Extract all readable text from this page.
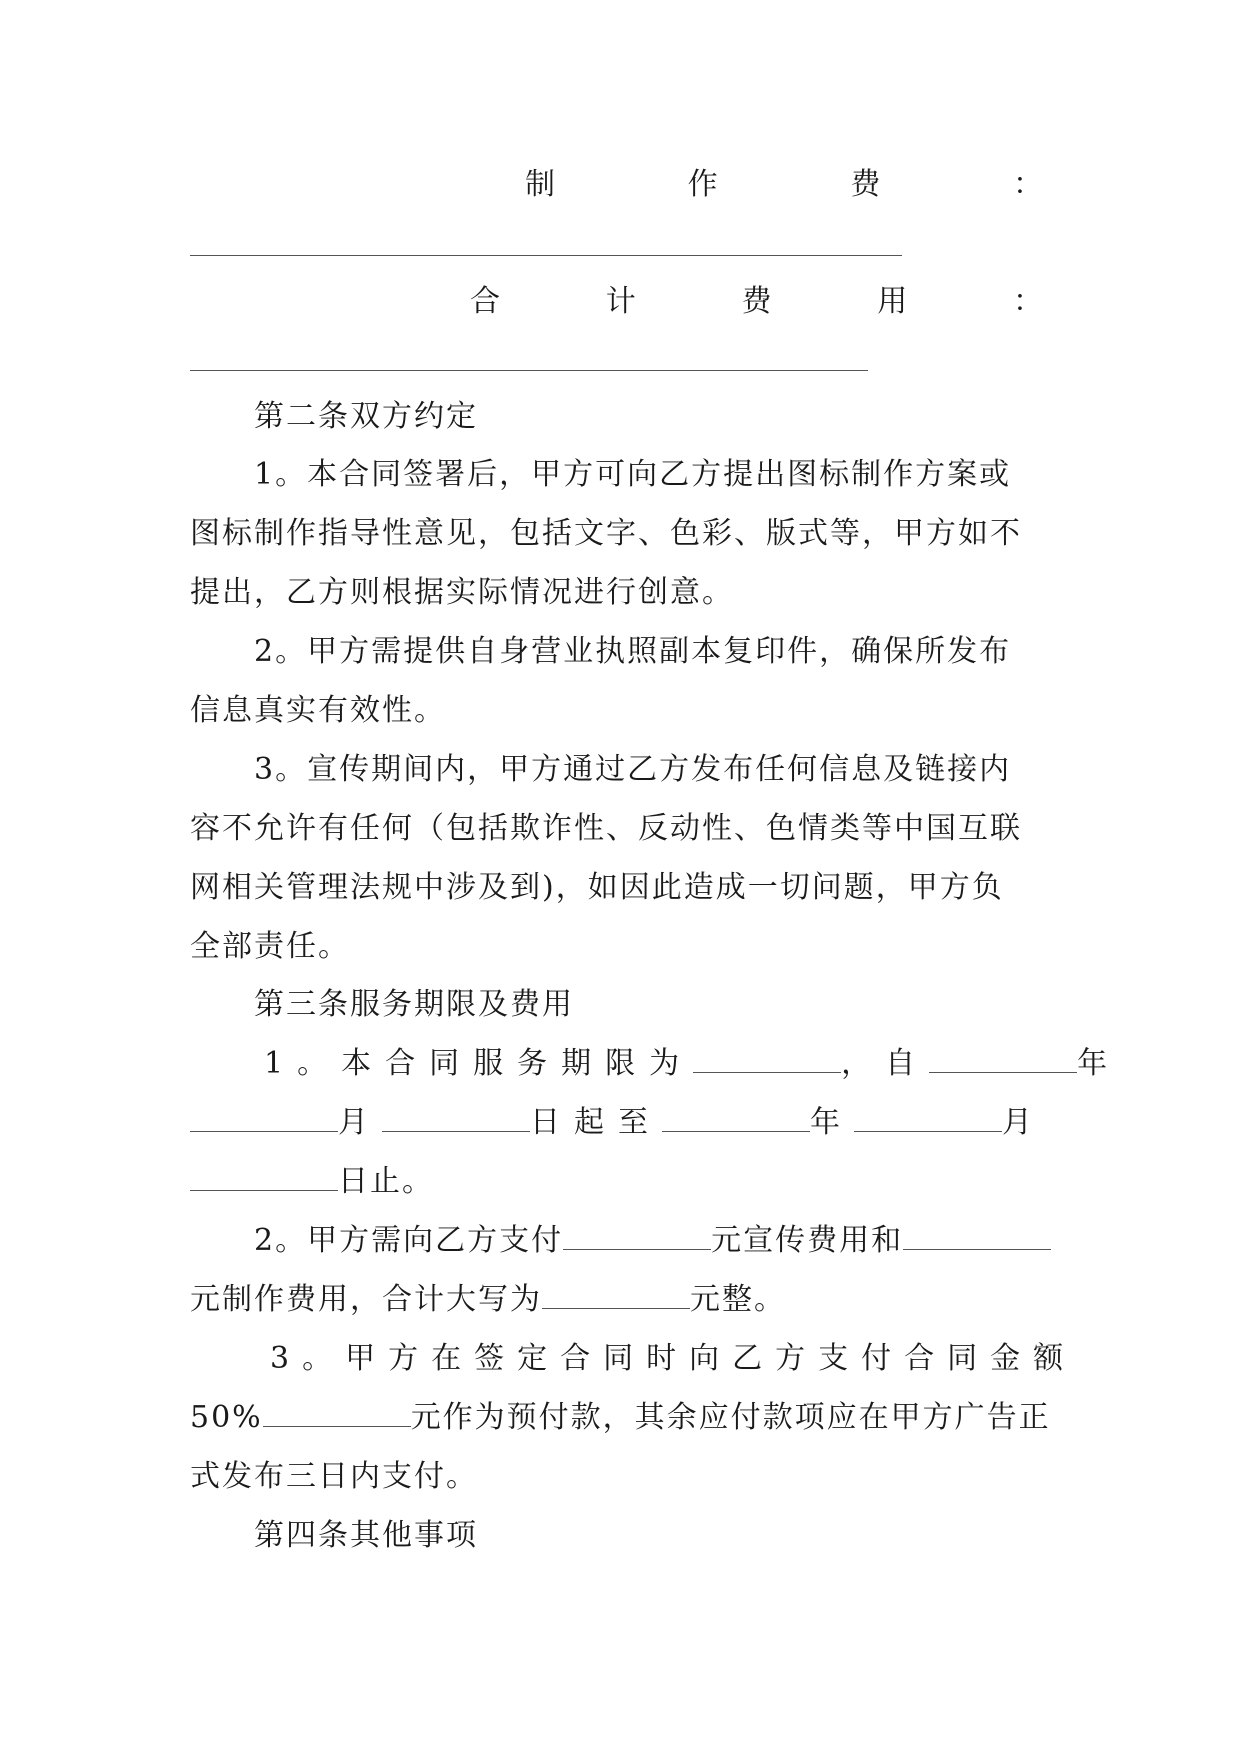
制	作	费	：
合	计	费	用	：
第二条双方约定
1。本合同签署后，甲方可向乙方提出图标制作方案或
图标制作指导性意见，包括文字、色彩、版式等，甲方如不
提出，乙方则根据实际情况进行创意。
2。甲方需提供自身营业执照副本复印件，确保所发布
信息真实有效性。
3。宣传期间内，甲方通过乙方发布任何信息及链接内
容不允许有任何（包括欺诈性、反动性、色情类等中国互联
网相关管理法规中涉及到)，如因此造成一切问题，甲方负
全部责任。
第三条服务期限及费用
1。本合同服务期限为	，自	年
月	日起至	年	月
日止。
2。甲方需向乙方支付	元宣传费用和
元制作费用，合计大写为	元整。
3。甲方在签定合同时向乙方支付合同金额
50%	元作为预付款，其余应付款项应在甲方广告正
式发布三日内支付。
第四条其他事项
